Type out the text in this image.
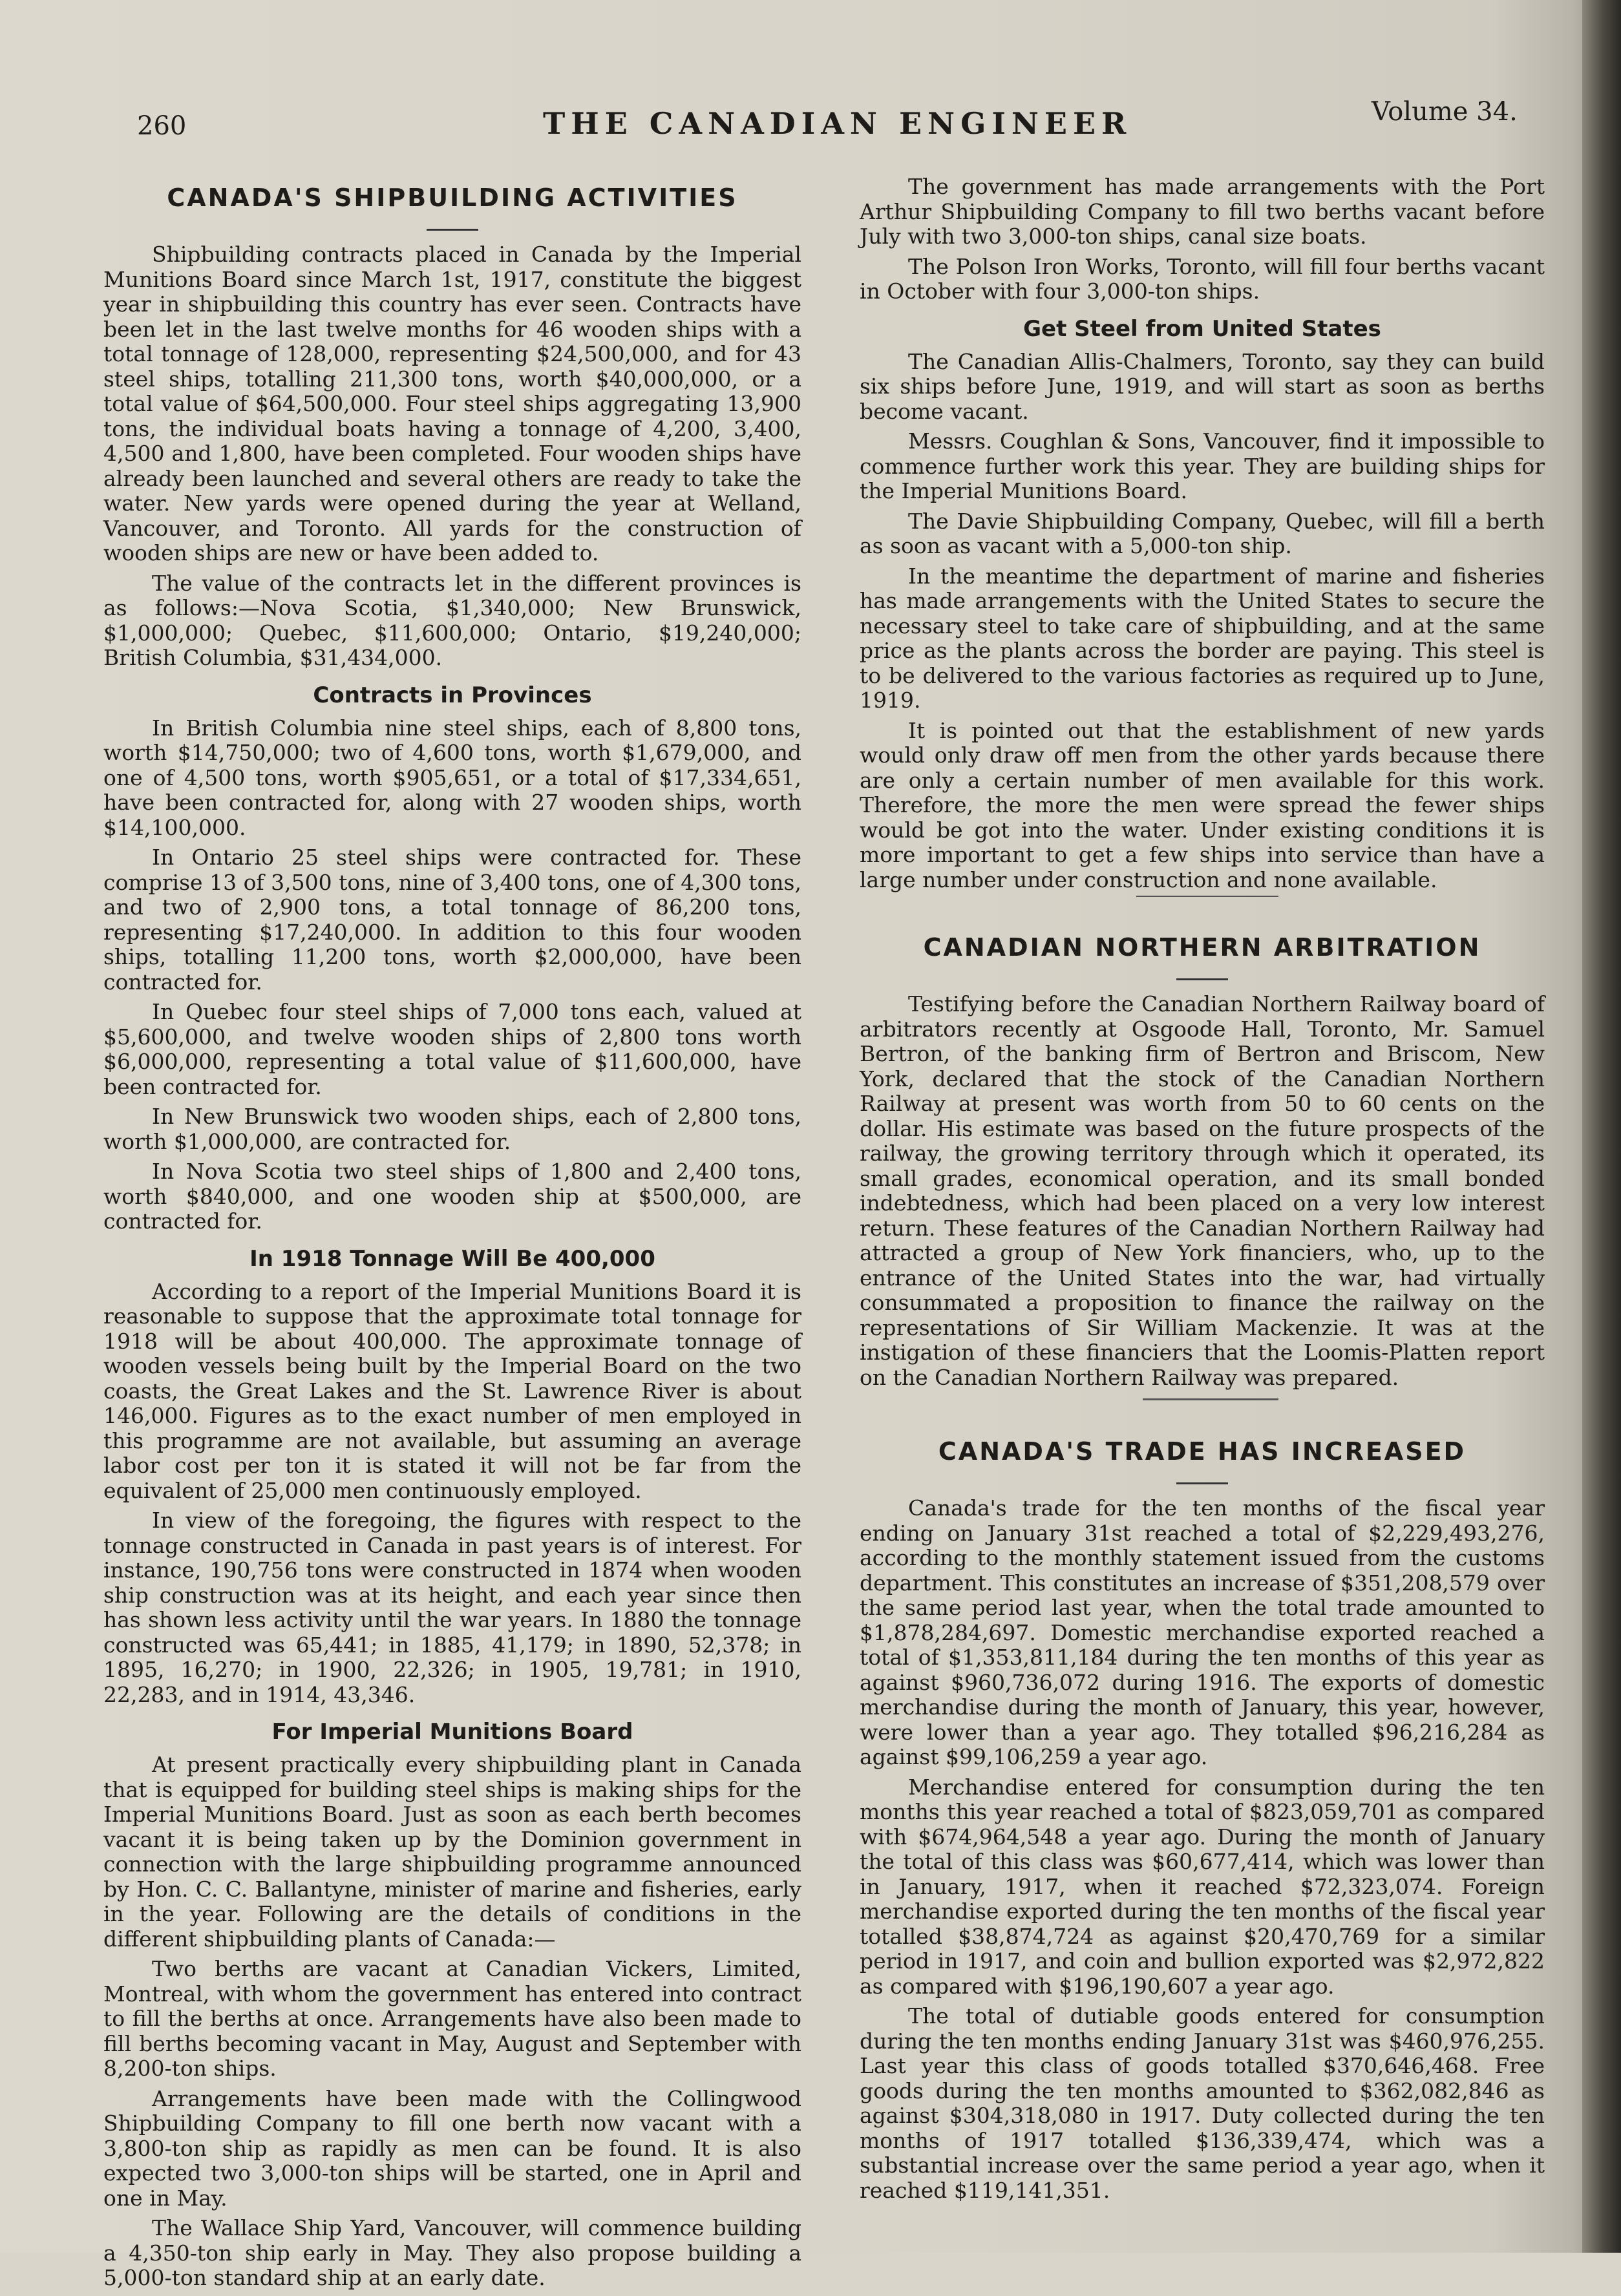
260	THE CANADIAN ENGINEER	Volume 34.
CANADA'S SHIPBUILDING ACTIVITIES

Shipbuilding contracts placed in Canada by the Imperial Munitions Board since March 1st, 1917, constitute the biggest year in shipbuilding this country has ever seen. Contracts have been let in the last twelve months for 46 wooden ships with a total tonnage of 128,000, representing $24,500,000, and for 43 steel ships, totalling 211,300 tons, worth $40,000,000, or a total value of $64,500,000. Four steel ships aggregating 13,900 tons, the individual boats having a tonnage of 4,200, 3,400, 4,500 and 1,800, have been completed. Four wooden ships have already been launched and several others are ready to take the water. New yards were opened during the year at Welland, Vancouver, and Toronto. All yards for the construction of wooden ships are new or have been added to.

The value of the contracts let in the different provinces is as follows:—Nova Scotia, $1,340,000; New Brunswick, $1,000,000; Quebec, $11,600,000; Ontario, $19,240,000; British Columbia, $31,434,000.

Contracts in Provinces

In British Columbia nine steel ships, each of 8,800 tons, worth $14,750,000; two of 4,600 tons, worth $1,679,000, and one of 4,500 tons, worth $905,651, or a total of $17,334,651, have been contracted for, along with 27 wooden ships, worth $14,100,000.

In Ontario 25 steel ships were contracted for. These comprise 13 of 3,500 tons, nine of 3,400 tons, one of 4,300 tons, and two of 2,900 tons, a total tonnage of 86,200 tons, representing $17,240,000. In addition to this four wooden ships, totalling 11,200 tons, worth $2,000,000, have been contracted for.

In Quebec four steel ships of 7,000 tons each, valued at $5,600,000, and twelve wooden ships of 2,800 tons worth $6,000,000, representing a total value of $11,600,000, have been contracted for.

In New Brunswick two wooden ships, each of 2,800 tons, worth $1,000,000, are contracted for.

In Nova Scotia two steel ships of 1,800 and 2,400 tons, worth $840,000, and one wooden ship at $500,000, are contracted for.

In 1918 Tonnage Will Be 400,000

According to a report of the Imperial Munitions Board it is reasonable to suppose that the approximate total tonnage for 1918 will be about 400,000. The approximate tonnage of wooden vessels being built by the Imperial Board on the two coasts, the Great Lakes and the St. Lawrence River is about 146,000. Figures as to the exact number of men employed in this programme are not available, but assuming an average labor cost per ton it is stated it will not be far from the equivalent of 25,000 men continuously employed.

In view of the foregoing, the figures with respect to the tonnage constructed in Canada in past years is of interest. For instance, 190,756 tons were constructed in 1874 when wooden ship construction was at its height, and each year since then has shown less activity until the war years. In 1880 the tonnage constructed was 65,441; in 1885, 41,179; in 1890, 52,378; in 1895, 16,270; in 1900, 22,326; in 1905, 19,781; in 1910, 22,283, and in 1914, 43,346.

For Imperial Munitions Board

At present practically every shipbuilding plant in Canada that is equipped for building steel ships is making ships for the Imperial Munitions Board. Just as soon as each berth becomes vacant it is being taken up by the Dominion government in connection with the large shipbuilding programme announced by Hon. C. C. Ballantyne, minister of marine and fisheries, early in the year. Following are the details of conditions in the different shipbuilding plants of Canada:—

Two berths are vacant at Canadian Vickers, Limited, Montreal, with whom the government has entered into contract to fill the berths at once. Arrangements have also been made to fill berths becoming vacant in May, August and September with 8,200-ton ships.

Arrangements have been made with the Collingwood Shipbuilding Company to fill one berth now vacant with a 3,800-ton ship as rapidly as men can be found. It is also expected two 3,000-ton ships will be started, one in April and one in May.

The Wallace Ship Yard, Vancouver, will commence building a 4,350-ton ship early in May. They also propose building a 5,000-ton standard ship at an early date.

The government has made arrangements with the Port Arthur Shipbuilding Company to fill two berths vacant before July with two 3,000-ton ships, canal size boats.

The Polson Iron Works, Toronto, will fill four berths vacant in October with four 3,000-ton ships.

Get Steel from United States

The Canadian Allis-Chalmers, Toronto, say they can build six ships before June, 1919, and will start as soon as berths become vacant.

Messrs. Coughlan & Sons, Vancouver, find it impossible to commence further work this year. They are building ships for the Imperial Munitions Board.

The Davie Shipbuilding Company, Quebec, will fill a berth as soon as vacant with a 5,000-ton ship.

In the meantime the department of marine and fisheries has made arrangements with the United States to secure the necessary steel to take care of shipbuilding, and at the same price as the plants across the border are paying. This steel is to be delivered to the various factories as required up to June, 1919.

It is pointed out that the establishment of new yards would only draw off men from the other yards because there are only a certain number of men available for this work. Therefore, the more the men were spread the fewer ships would be got into the water. Under existing conditions it is more important to get a few ships into service than have a large number under construction and none available.

CANADIAN NORTHERN ARBITRATION

Testifying before the Canadian Northern Railway board of arbitrators recently at Osgoode Hall, Toronto, Mr. Samuel Bertron, of the banking firm of Bertron and Briscom, New York, declared that the stock of the Canadian Northern Railway at present was worth from 50 to 60 cents on the dollar. His estimate was based on the future prospects of the railway, the growing territory through which it operated, its small grades, economical operation, and its small bonded indebtedness, which had been placed on a very low interest return. These features of the Canadian Northern Railway had attracted a group of New York financiers, who, up to the entrance of the United States into the war, had virtually consummated a proposition to finance the railway on the representations of Sir William Mackenzie. It was at the instigation of these financiers that the Loomis-Platten report on the Canadian Northern Railway was prepared.

CANADA'S TRADE HAS INCREASED

Canada's trade for the ten months of the fiscal year ending on January 31st reached a total of $2,229,493,276, according to the monthly statement issued from the customs department. This constitutes an increase of $351,208,579 over the same period last year, when the total trade amounted to $1,878,284,697. Domestic merchandise exported reached a total of $1,353,811,184 during the ten months of this year as against $960,736,072 during 1916. The exports of domestic merchandise during the month of January, this year, however, were lower than a year ago. They totalled $96,216,284 as against $99,106,259 a year ago.

Merchandise entered for consumption during the ten months this year reached a total of $823,059,701 as compared with $674,964,548 a year ago. During the month of January the total of this class was $60,677,414, which was lower than in January, 1917, when it reached $72,323,074. Foreign merchandise exported during the ten months of the fiscal year totalled $38,874,724 as against $20,470,769 for a similar period in 1917, and coin and bullion exported was $2,972,822 as compared with $196,190,607 a year ago.

The total of dutiable goods entered for consumption during the ten months ending January 31st was $460,976,255. Last year this class of goods totalled $370,646,468. Free goods during the ten months amounted to $362,082,846 as against $304,318,080 in 1917. Duty collected during the ten months of 1917 totalled $136,339,474, which was a substantial increase over the same period a year ago, when it reached $119,141,351.
